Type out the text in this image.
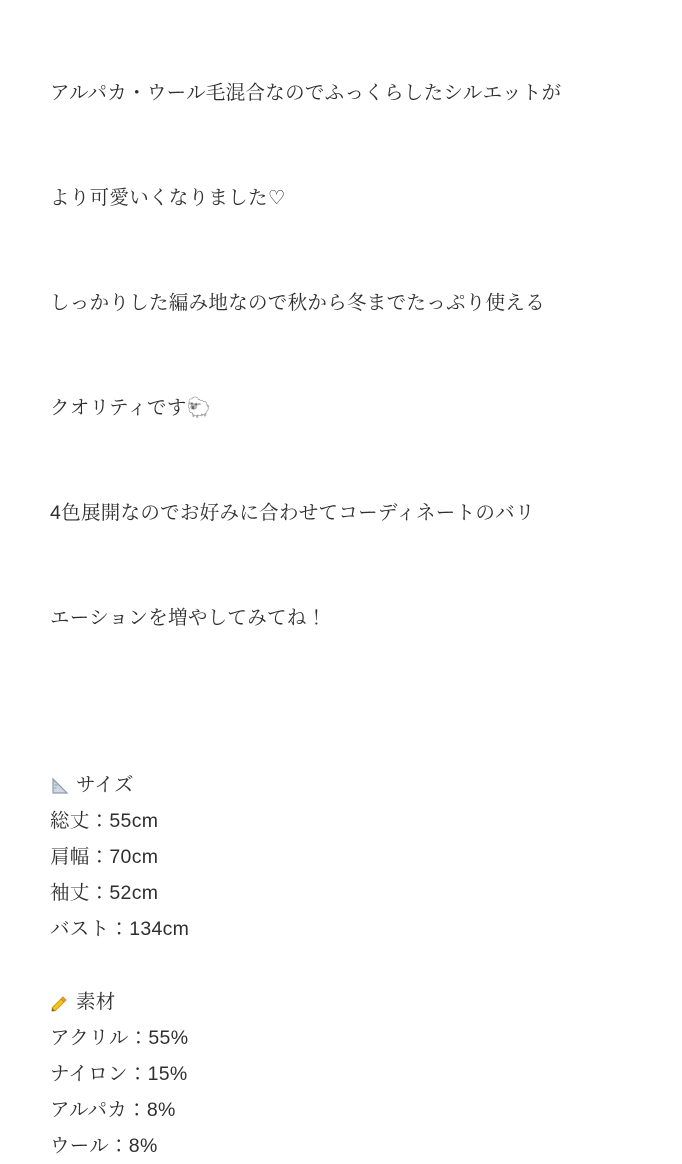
アルパカ・ウール毛混合なのでふっくらしたシルエットが

より可愛いくなりました♡

しっかりした編み地なので秋から冬までたっぷり使える

クオリティです🐑

4色展開なのでお好みに合わせてコーディネートのバリ

エーションを増やしてみてね！

サイズ
総丈：55cm
肩幅：70cm
袖丈：52cm
バスト：134cm
素材
アクリル：55%
ナイロン：15%
アルパカ：8%
ウール：8%
